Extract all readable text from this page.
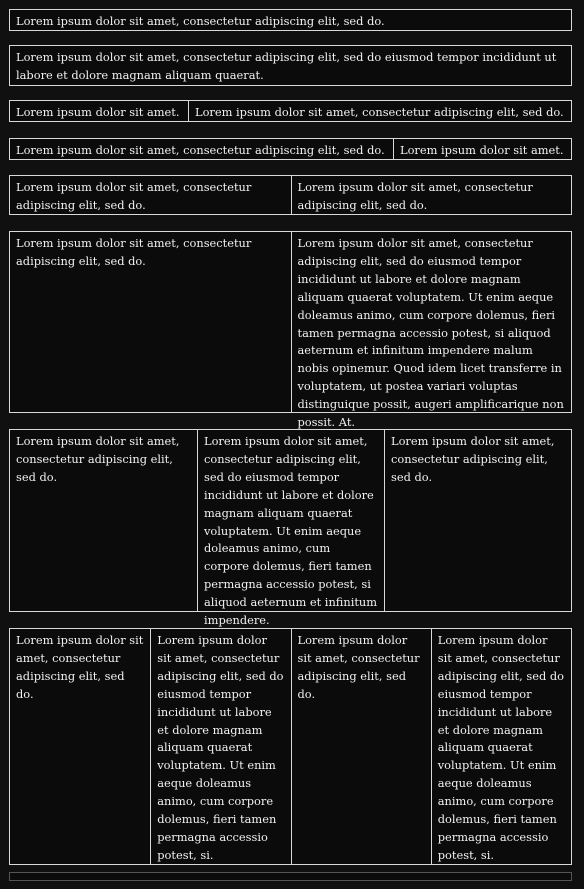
Lorem ipsum dolor sit amet, consectetur adipiscing elit, sed do.
Lorem ipsum dolor sit amet, consectetur adipiscing elit, sed do eiusmod tempor incididunt ut labore et dolore magnam aliquam quaerat.
Lorem ipsum dolor sit amet.	Lorem ipsum dolor sit amet, consectetur adipiscing elit, sed do.
Lorem ipsum dolor sit amet, consectetur adipiscing elit, sed do.	Lorem ipsum dolor sit amet.
Lorem ipsum dolor sit amet, consectetur adipiscing elit, sed do.
Lorem ipsum dolor sit amet, consectetur adipiscing elit, sed do.
Lorem ipsum dolor sit amet, consectetur adipiscing elit, sed do.
Lorem ipsum dolor sit amet, consectetur adipiscing elit, sed do eiusmod tempor incididunt ut labore et dolore magnam aliquam quaerat voluptatem. Ut enim aeque doleamus animo, cum corpore dolemus, fieri tamen permagna accessio potest, si aliquod aeternum et infinitum impendere malum nobis opinemur. Quod idem licet transferre in voluptatem, ut postea variari voluptas distinguique possit, augeri amplificarique non possit. At.
Lorem ipsum dolor sit amet, consectetur adipiscing elit, sed do.
Lorem ipsum dolor sit amet, consectetur adipiscing elit, sed do eiusmod tempor incididunt ut labore et dolore magnam aliquam quaerat voluptatem. Ut enim aeque doleamus animo, cum corpore dolemus, fieri tamen permagna accessio potest, si aliquod aeternum et infinitum impendere.
Lorem ipsum dolor sit amet, consectetur adipiscing elit, sed do.
Lorem ipsum dolor sit amet, consectetur adipiscing elit, sed do.
Lorem ipsum dolor sit amet, consectetur adipiscing elit, sed do eiusmod tempor incididunt ut labore et dolore magnam aliquam quaerat voluptatem. Ut enim aeque doleamus animo, cum corpore dolemus, fieri tamen permagna accessio potest, si.
Lorem ipsum dolor sit amet, consectetur adipiscing elit, sed do.
Lorem ipsum dolor sit amet, consectetur adipiscing elit, sed do eiusmod tempor incididunt ut labore et dolore magnam aliquam quaerat voluptatem. Ut enim aeque doleamus animo, cum corpore dolemus, fieri tamen permagna accessio potest, si.
